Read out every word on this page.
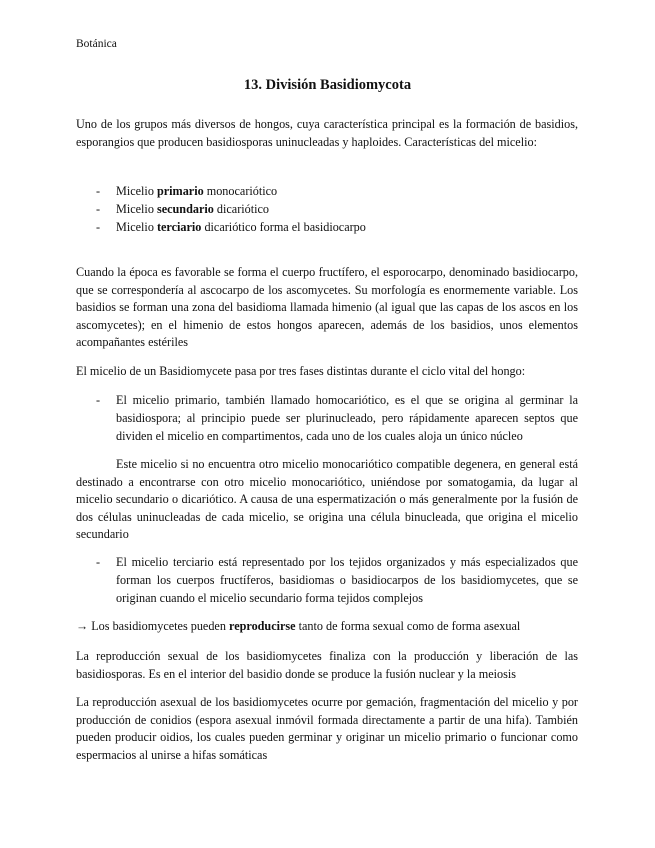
Botánica
13. División Basidiomycota

Uno de los grupos más diversos de hongos, cuya característica principal es la formación de basidios, esporangios que producen basidiosporas uninucleadas y haploides. Características del micelio:

- Micelio primario monocariótico
- Micelio secundario dicariótico
- Micelio terciario dicariótico forma el basidiocarpo

Cuando la época es favorable se forma el cuerpo fructífero, el esporocarpo, denominado basidiocarpo, que se correspondería al ascocarpo de los ascomycetes. Su morfología es enormemente variable. Los basidios se forman una zona del basidioma llamada himenio (al igual que las capas de los ascos en los ascomycetes); en el himenio de estos hongos aparecen, además de los basidios, unos elementos acompañantes estériles

El micelio de un Basidiomycete pasa por tres fases distintas durante el ciclo vital del hongo:

- El micelio primario, también llamado homocariótico, es el que se origina al germinar la basidiospora; al principio puede ser plurinucleado, pero rápidamente aparecen septos que dividen el micelio en compartimentos, cada uno de los cuales aloja un único núcleo

Este micelio si no encuentra otro micelio monocariótico compatible degenera, en general está destinado a encontrarse con otro micelio monocariótico, uniéndose por somatogamia, da lugar al micelio secundario o dicariótico. A causa de una espermatización o más generalmente por la fusión de dos células uninucleadas de cada micelio, se origina una célula binucleada, que origina el micelio secundario

- El micelio terciario está representado por los tejidos organizados y más especializados que forman los cuerpos fructíferos, basidiomas o basidiocarpos de los basidiomycetes, que se originan cuando el micelio secundario forma tejidos complejos

→ Los basidiomycetes pueden reproducirse tanto de forma sexual como de forma asexual

La reproducción sexual de los basidiomycetes finaliza con la producción y liberación de las basidiosporas. Es en el interior del basidio donde se produce la fusión nuclear y la meiosis

La reproducción asexual de los basidiomycetes ocurre por gemación, fragmentación del micelio y por producción de conidios (espora asexual inmóvil formada directamente a partir de una hifa). También pueden producir oidios, los cuales pueden germinar y originar un micelio primario o funcionar como espermacios al unirse a hifas somáticas
